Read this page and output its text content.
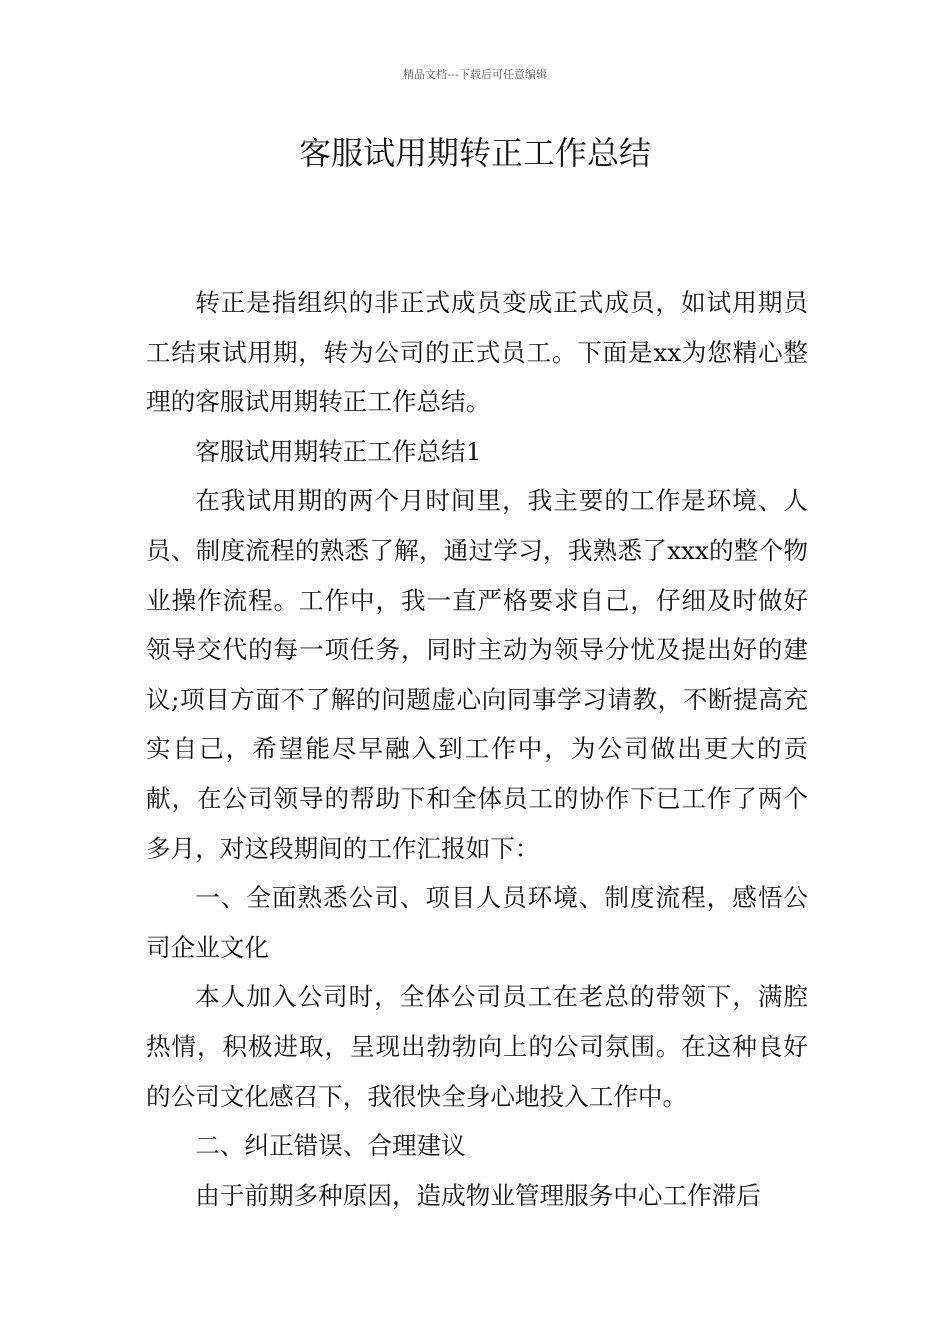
精品文档---下载后可任意编辑
客服试用期转正工作总结

转正是指组织的非正式成员变成正式成员，如试用期员工结束试用期，转为公司的正式员工。下面是xx为您精心整理的客服试用期转正工作总结。

客服试用期转正工作总结1

在我试用期的两个月时间里，我主要的工作是环境、人员、制度流程的熟悉了解，通过学习，我熟悉了xxx的整个物业操作流程。工作中，我一直严格要求自己，仔细及时做好领导交代的每一项任务，同时主动为领导分忧及提出好的建议;项目方面不了解的问题虚心向同事学习请教，不断提高充实自己，希望能尽早融入到工作中，为公司做出更大的贡献，在公司领导的帮助下和全体员工的协作下已工作了两个多月，对这段期间的工作汇报如下：

一、全面熟悉公司、项目人员环境、制度流程，感悟公司企业文化

本人加入公司时，全体公司员工在老总的带领下，满腔热情，积极进取，呈现出勃勃向上的公司氛围。在这种良好的公司文化感召下，我很快全身心地投入工作中。

二、纠正错误、合理建议

由于前期多种原因，造成物业管理服务中心工作滞后
